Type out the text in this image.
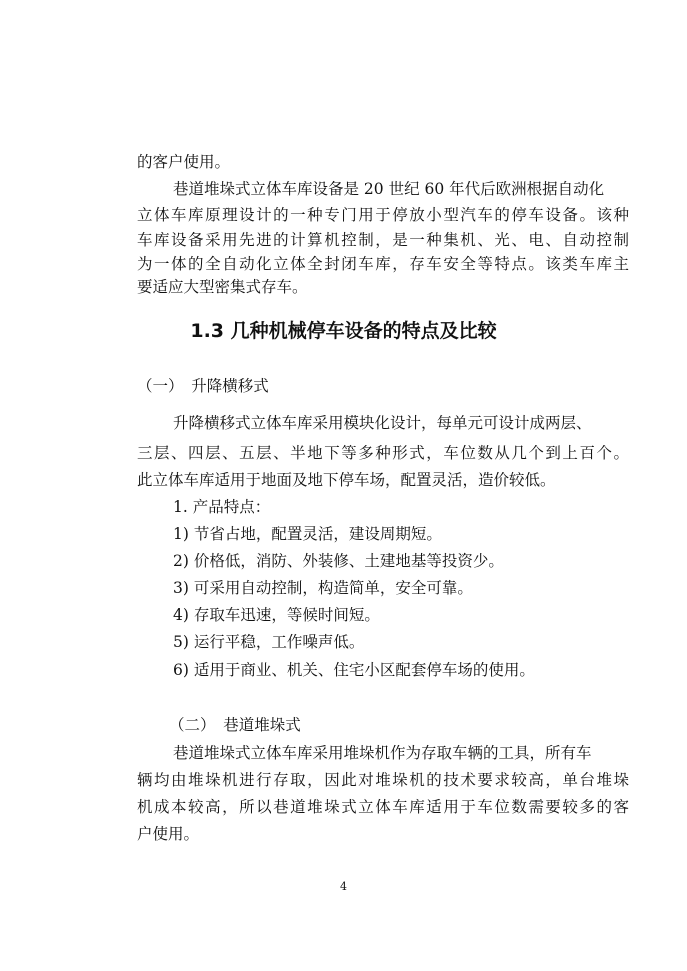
的客户使用。
巷道堆垛式立体车库设备是 20 世纪 60 年代后欧洲根据自动化
立体车库原理设计的一种专门用于停放小型汽车的停车设备。该种
车库设备采用先进的计算机控制，是一种集机、光、电、自动控制
为一体的全自动化立体全封闭车库，存车安全等特点。该类车库主
要适应大型密集式存车。
1.3 几种机械停车设备的特点及比较
（一）　升降横移式
升降横移式立体车库采用模块化设计，每单元可设计成两层、
三层、四层、五层、半地下等多种形式，车位数从几个到上百个。
此立体车库适用于地面及地下停车场，配置灵活，造价较低。
1. 产品特点：
1) 节省占地，配置灵活，建设周期短。
2) 价格低，消防、外装修、土建地基等投资少。
3) 可采用自动控制，构造简单，安全可靠。
4) 存取车迅速，等候时间短。
5) 运行平稳，工作噪声低。
6) 适用于商业、机关、住宅小区配套停车场的使用。
（二）　巷道堆垛式
巷道堆垛式立体车库采用堆垛机作为存取车辆的工具，所有车
辆均由堆垛机进行存取，因此对堆垛机的技术要求较高，单台堆垛
机成本较高，所以巷道堆垛式立体车库适用于车位数需要较多的客
户使用。
4
